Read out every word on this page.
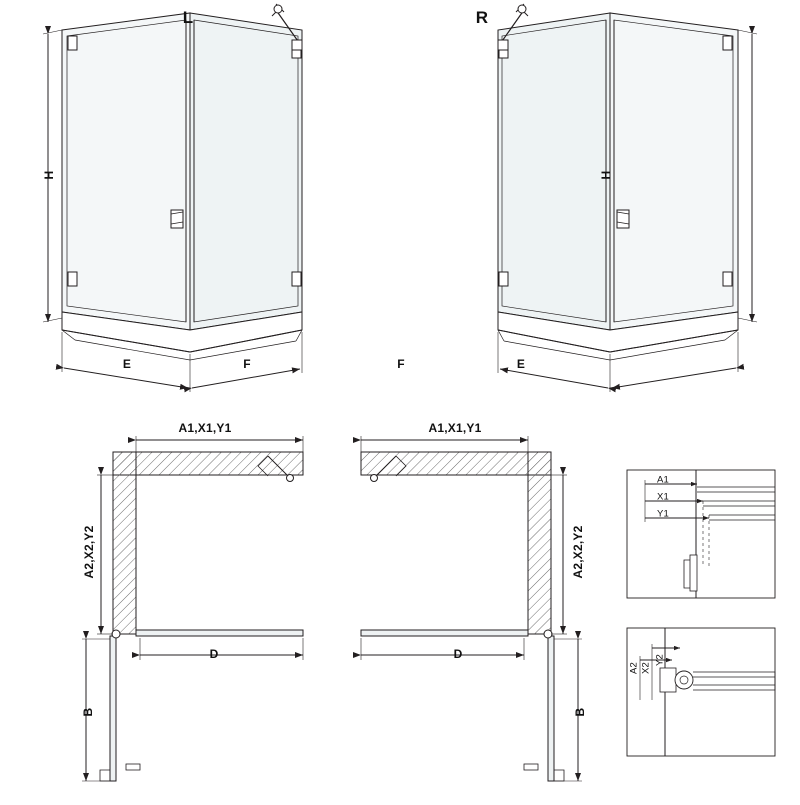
L	R
H	H
E	F	F	E
A1,X1,Y1
A2,X2,Y2
D
B
A1,X1,Y1
A2,X2,Y2
D
B
A1
X1
Y1
A2 X2
Y2
